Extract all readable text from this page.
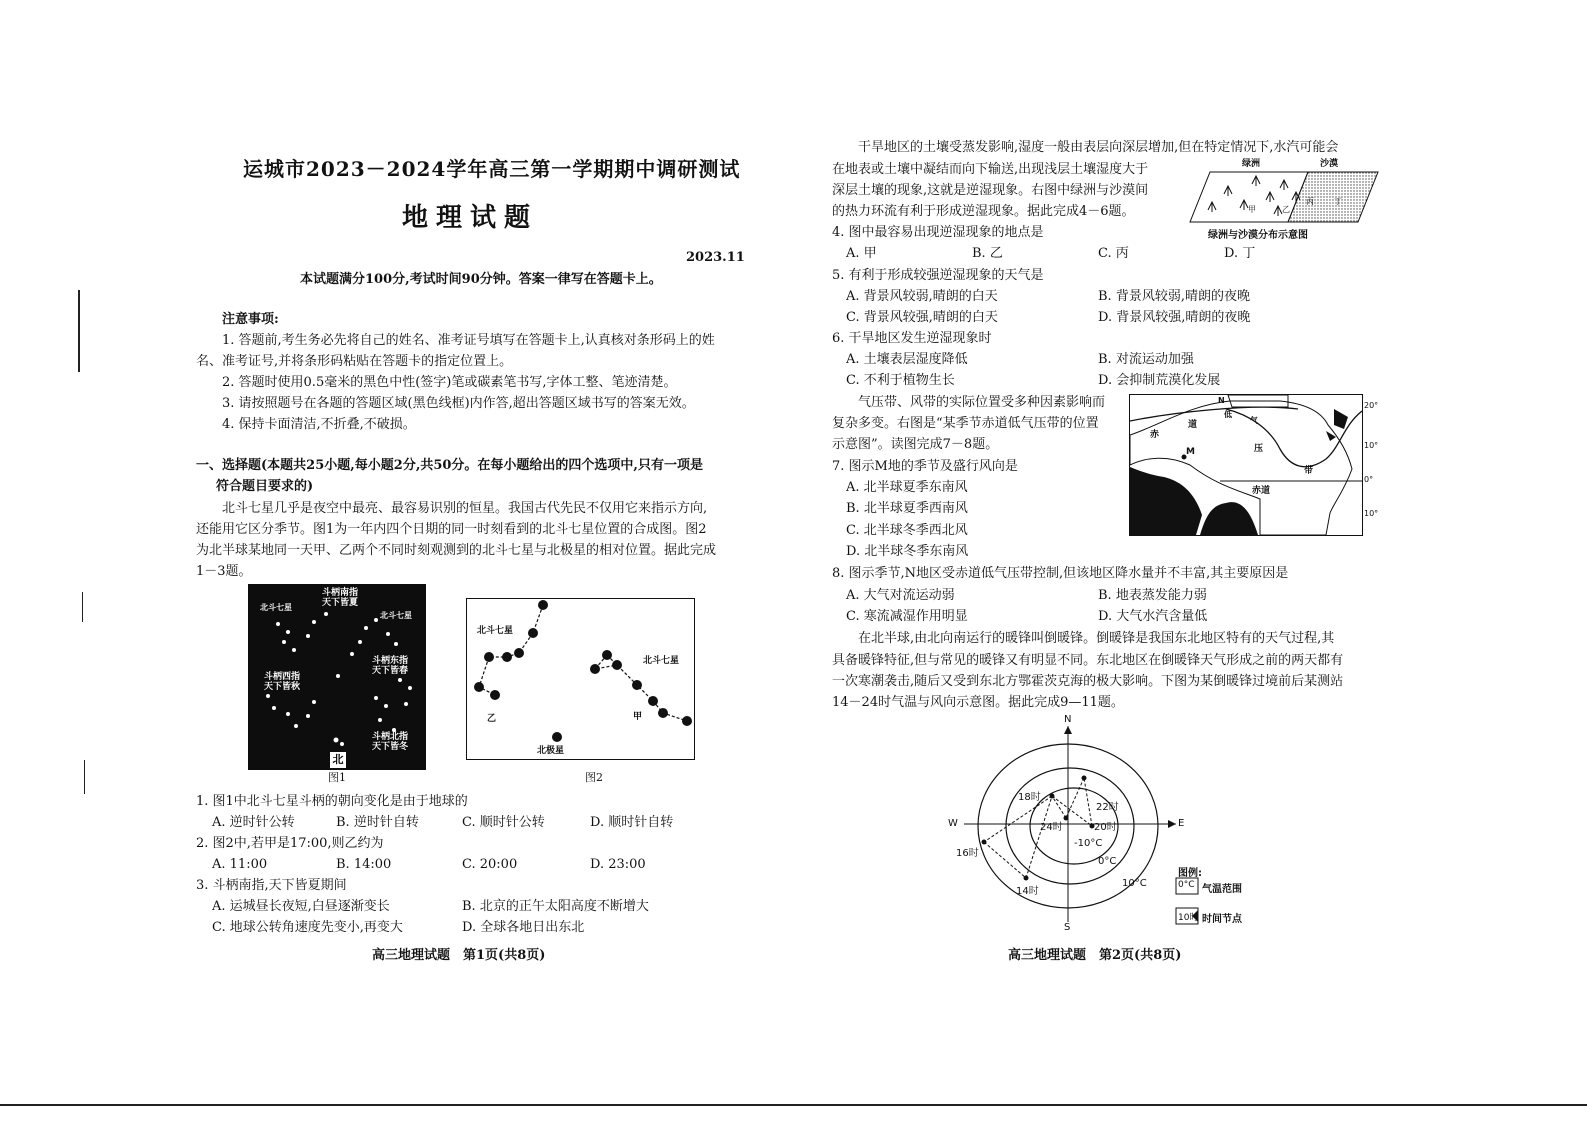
运城市2023－2024学年高三第一学期期中调研测试
地理试题
2023.11
本试题满分100分,考试时间90分钟。答案一律写在答题卡上。
注意事项:
1. 答题前,考生务必先将自己的姓名、准考证号填写在答题卡上,认真核对条形码上的姓
名、准考证号,并将条形码粘贴在答题卡的指定位置上。
2. 答题时使用0.5毫米的黑色中性(签字)笔或碳素笔书写,字体工整、笔迹清楚。
3. 请按照题号在各题的答题区域(黑色线框)内作答,超出答题区域书写的答案无效。
4. 保持卡面清洁,不折叠,不破损。
一、选择题(本题共25小题,每小题2分,共50分。在每小题给出的四个选项中,只有一项是
符合题目要求的)
北斗七星几乎是夜空中最亮、最容易识别的恒星。我国古代先民不仅用它来指示方向,
还能用它区分季节。图1为一年内四个日期的同一时刻看到的北斗七星位置的合成图。图2
为北半球某地同一天甲、乙两个不同时刻观测到的北斗七星与北极星的相对位置。据此完成
1－3题。
斗柄南指
天下皆夏
北斗七星
北斗七星
斗柄东指
天下皆春
斗柄西指
天下皆秋
斗柄北指
天下皆冬
北
图1
北斗七星
北斗七星
乙	甲
北极星
图2
1. 图1中北斗七星斗柄的朝向变化是由于地球的
A. 逆时针公转	B. 逆时针自转	C. 顺时针公转	D. 顺时针自转
2. 图2中,若甲是17:00,则乙约为
A. 11:00	B. 14:00	C. 20:00	D. 23:00
3. 斗柄南指,天下皆夏期间
A. 运城昼长夜短,白昼逐渐变长	B. 北京的正午太阳高度不断增大
C. 地球公转角速度先变小,再变大	D. 全球各地日出东北
高三地理试题　第1页(共8页)
干旱地区的土壤受蒸发影响,湿度一般由表层向深层增加,但在特定情况下,水汽可能会
在地表或土壤中凝结而向下输送,出现浅层土壤湿度大于
深层土壤的现象,这就是逆湿现象。右图中绿洲与沙漠间
的热力环流有利于形成逆湿现象。据此完成4－6题。
绿洲	沙漠
甲	乙
丙	丁
绿洲与沙漠分布示意图
4. 图中最容易出现逆湿现象的地点是
A. 甲	B. 乙	C. 丙	D. 丁
5. 有利于形成较强逆湿现象的天气是
A. 背景风较弱,晴朗的白天	B. 背景风较弱,晴朗的夜晚
C. 背景风较强,晴朗的白天	D. 背景风较强,晴朗的夜晚
6. 干旱地区发生逆湿现象时
A. 土壤表层湿度降低	B. 对流运动加强
C. 不利于植物生长	D. 会抑制荒漠化发展
气压带、风带的实际位置受多种因素影响而
复杂多变。右图是“某季节赤道低气压带的位置
示意图”。读图完成7－8题。
N
赤
道
低
气
压
带
M
赤道
20°
10°
0°
10°
7. 图示M地的季节及盛行风向是
A. 北半球夏季东南风
B. 北半球夏季西南风
C. 北半球冬季西北风
D. 北半球冬季东南风
8. 图示季节,N地区受赤道低气压带控制,但该地区降水量并不丰富,其主要原因是
A. 大气对流运动弱	B. 地表蒸发能力弱
C. 寒流减湿作用明显	D. 大气水汽含量低
在北半球,由北向南运行的暖锋叫倒暖锋。倒暖锋是我国东北地区特有的天气过程,其
具备暖锋特征,但与常见的暖锋又有明显不同。东北地区在倒暖锋天气形成之前的两天都有
一次寒潮袭击,随后又受到东北方鄂霍茨克海的极大影响。下图为某倒暖锋过境前后某测站
14－24时气温与风向示意图。据此完成9—11题。
N
S
W	E
22时
18时
24时	20时
16时
14时
-10°C
0°C
10°C
图例:
0°C 气温范围
10时 时间节点
高三地理试题　第2页(共8页)
